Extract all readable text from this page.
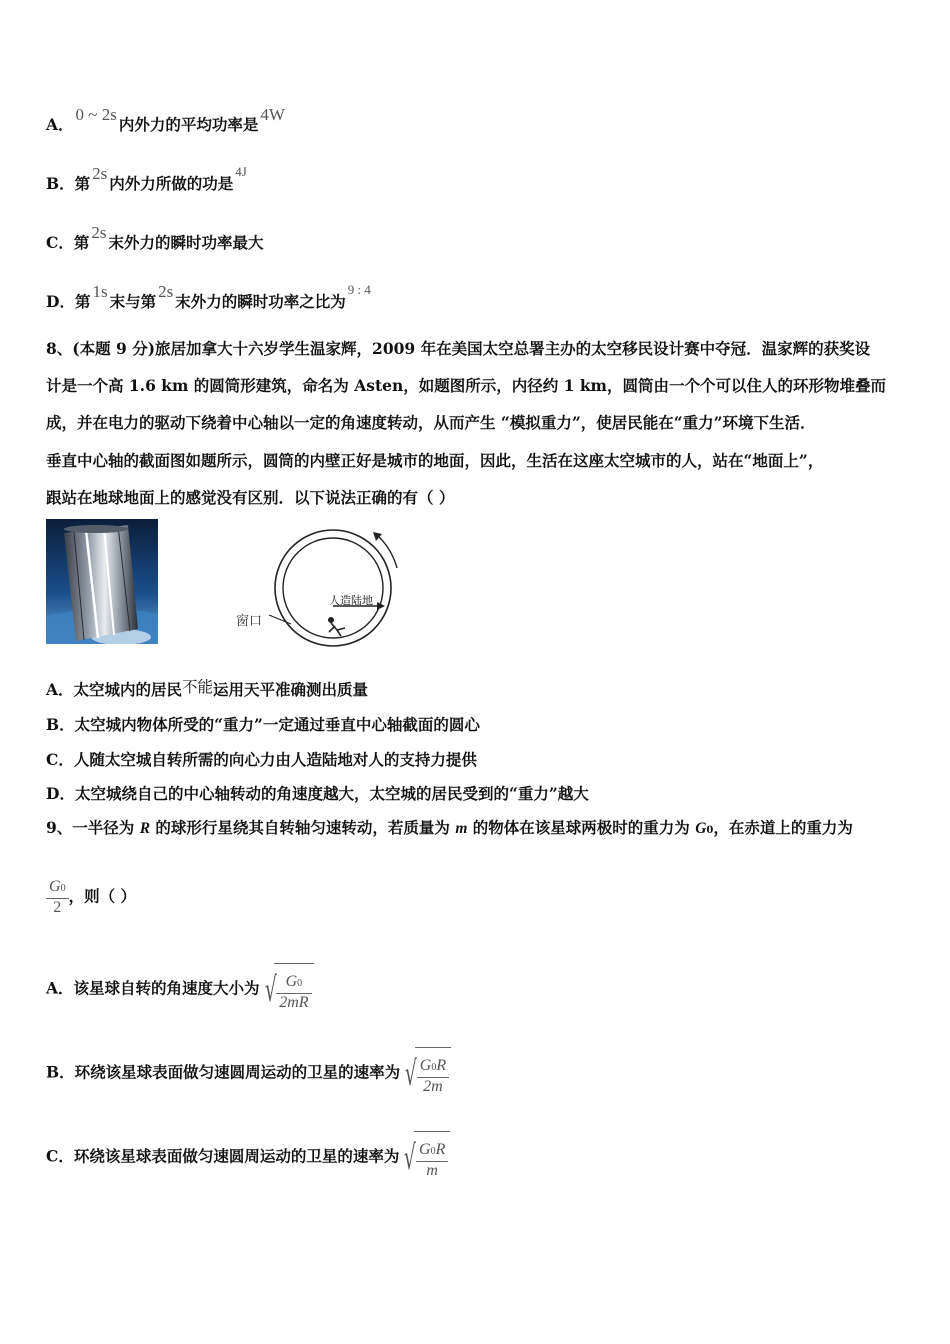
A．0 ~ 2s内外力的平均功率是4W
B．第2s内外力所做的功是4J
C．第2s末外力的瞬时功率最大
D．第1s末与第2s末外力的瞬时功率之比为9 : 4
8、(本题 9 分)旅居加拿大十六岁学生温家辉，2009 年在美国太空总署主办的太空移民设计赛中夺冠．温家辉的获奖设
计是一个高 1.6 km 的圆筒形建筑，命名为 Asten，如题图所示，内径约 1 km，圆筒由一个个可以住人的环形物堆叠而
成，并在电力的驱动下绕着中心轴以一定的角速度转动，从而产生 “模拟重力”，使居民能在“重力”环境下生活．
垂直中心轴的截面图如题所示，圆筒的内壁正好是城市的地面，因此，生活在这座太空城市的人，站在“地面上”，
跟站在地球地面上的感觉没有区别．以下说法正确的有（ ）
人造陆地
窗口
A．太空城内的居民不能运用天平准确测出质量
B．太空城内物体所受的“重力”一定通过垂直中心轴截面的圆心
C．人随太空城自转所需的向心力由人造陆地对人的支持力提供
D．太空城绕自己的中心轴转动的角速度越大，太空城的居民受到的“重力”越大
9、一半径为 R 的球形行星绕其自转轴匀速转动，若质量为 m 的物体在该星球两极时的重力为 G0，在赤道上的重力为
$\frac{G0}{2}$ ，则（ ）
A．该星球自转的角速度大小为 √ $\frac{G0}{2mR}$
B．环绕该星球表面做匀速圆周运动的卫星的速率为 √ $\frac{G0R}{2m}$
C．环绕该星球表面做匀速圆周运动的卫星的速率为 √ $\frac{G0R}{m}$
